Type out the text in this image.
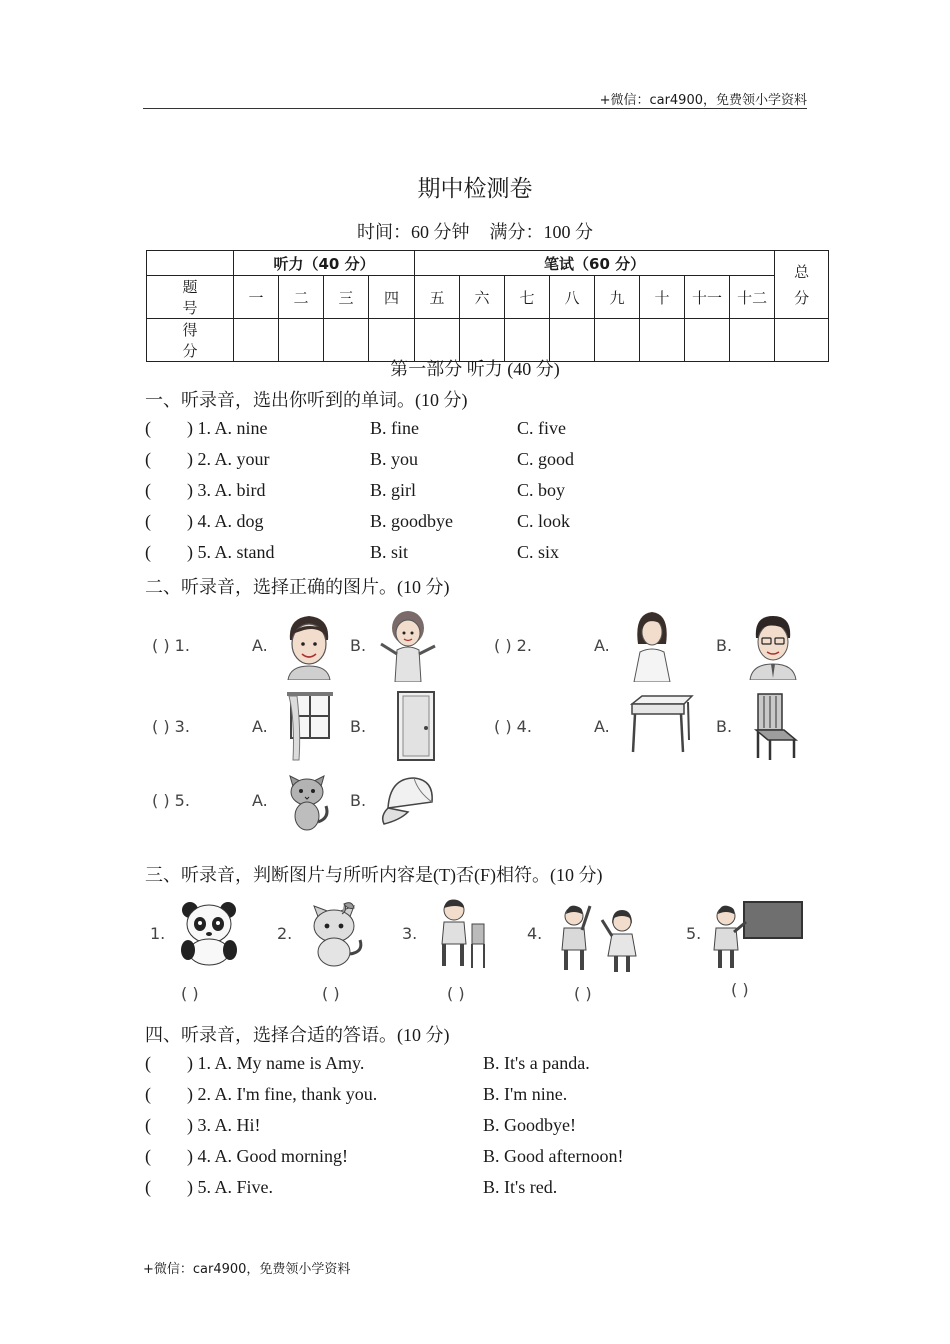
+微信：car4900，免费领小学资料
期中检测卷
时间：60 分钟 满分：100 分
	听力（40 分）				笔试（60 分）								总
分
题 号	一	二	三	四	五	六	七	八	九	十	十一	十二	
得 分													
第一部分 听力 (40 分)
一、听录音，选出你听到的单词。(10 分)
( ) 1. A. nine	B. fine	C. five
( ) 2. A. your	B. you	C. good
( ) 3. A. bird	B. girl	C. boy
( ) 4. A. dog	B. goodbye	C. look
( ) 5. A. stand	B. sit	C. six
二、听录音，选择正确的图片。(10 分)
( ) 1.	A.	B.	( ) 2.	A.	B.
( ) 3.	A.	B.	( ) 4.	A.	B.
( ) 5.	A.	B.
三、听录音，判断图片与所听内容是(T)否(F)相符。(10 分)
1.
( )
2.
( )
3.
( )
4.
( )
5.
( )
四、听录音，选择合适的答语。(10 分)
( ) 1. A. My name is Amy.	B. It's a panda.
( ) 2. A. I'm fine, thank you.	B. I'm nine.
( ) 3. A. Hi!	B. Goodbye!
( ) 4. A. Good morning!	B. Good afternoon!
( ) 5. A. Five.	B. It's red.
+微信：car4900，免费领小学资料
